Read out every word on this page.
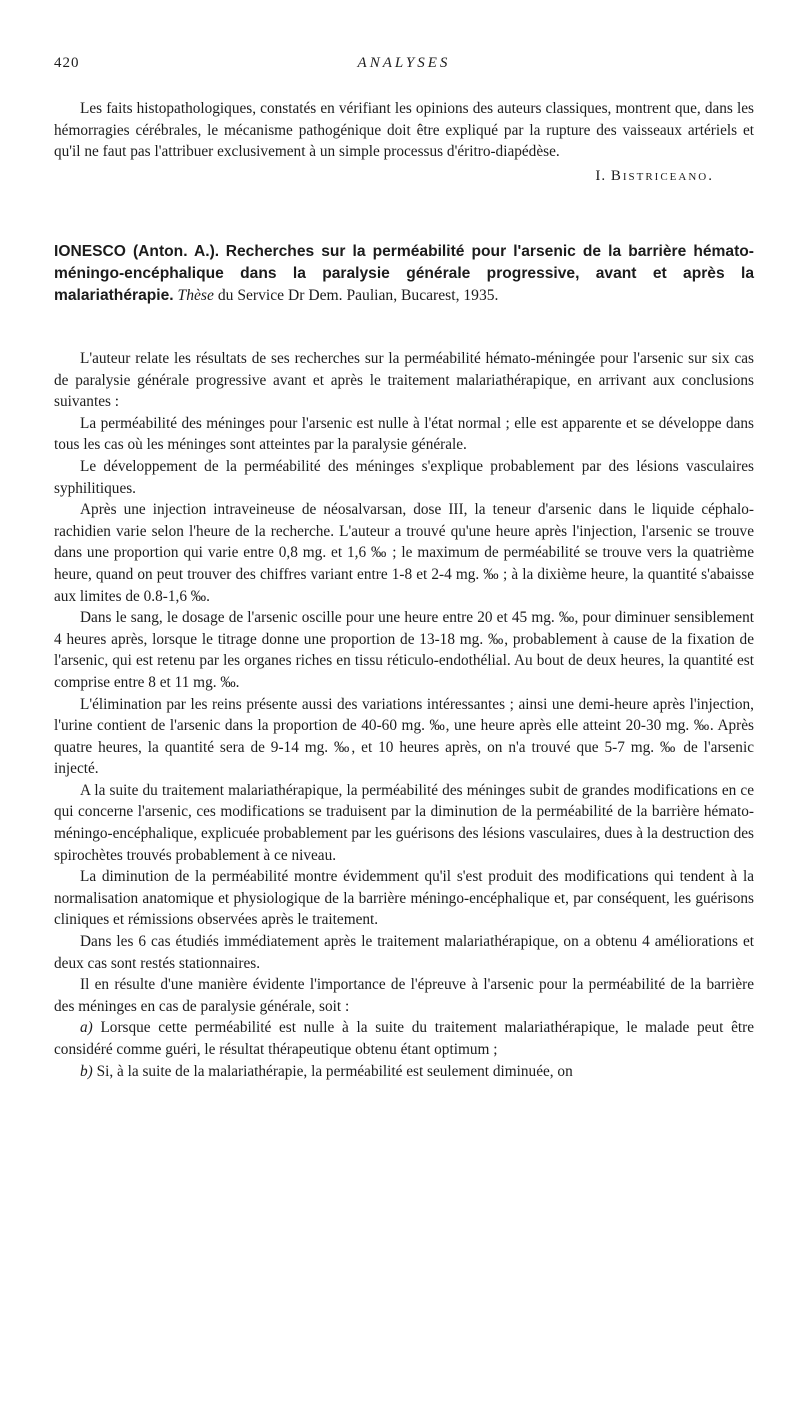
420	ANALYSES

Les faits histopathologiques, constatés en vérifiant les opinions des auteurs classiques, montrent que, dans les hémorragies cérébrales, le mécanisme pathogénique doit être expliqué par la rupture des vaisseaux artériels et qu'il ne faut pas l'attribuer exclusivement à un simple processus d'éritro-diapédèse.

I. Bistriceano.
IONESCO (Anton. A.). Recherches sur la perméabilité pour l'arsenic de la barrière hémato-méningo-encéphalique dans la paralysie générale progressive, avant et après la malariathérapie. Thèse du Service Dr Dem. Paulian, Bucarest, 1935.

L'auteur relate les résultats de ses recherches sur la perméabilité hémato-méningée pour l'arsenic sur six cas de paralysie générale progressive avant et après le traitement malariathérapique, en arrivant aux conclusions suivantes :

La perméabilité des méninges pour l'arsenic est nulle à l'état normal ; elle est apparente et se développe dans tous les cas où les méninges sont atteintes par la paralysie générale.

Le développement de la perméabilité des méninges s'explique probablement par des lésions vasculaires syphilitiques.

Après une injection intraveineuse de néosalvarsan, dose III, la teneur d'arsenic dans le liquide céphalo-rachidien varie selon l'heure de la recherche. L'auteur a trouvé qu'une heure après l'injection, l'arsenic se trouve dans une proportion qui varie entre 0,8 mg. et 1,6 ‰ ; le maximum de perméabilité se trouve vers la quatrième heure, quand on peut trouver des chiffres variant entre 1-8 et 2-4 mg. ‰ ; à la dixième heure, la quantité s'abaisse aux limites de 0.8-1,6 ‰.

Dans le sang, le dosage de l'arsenic oscille pour une heure entre 20 et 45 mg. ‰, pour diminuer sensiblement 4 heures après, lorsque le titrage donne une proportion de 13-18 mg. ‰, probablement à cause de la fixation de l'arsenic, qui est retenu par les organes riches en tissu réticulo-endothélial. Au bout de deux heures, la quantité est comprise entre 8 et 11 mg. ‰.

L'élimination par les reins présente aussi des variations intéressantes ; ainsi une demi-heure après l'injection, l'urine contient de l'arsenic dans la proportion de 40-60 mg. ‰, une heure après elle atteint 20-30 mg. ‰. Après quatre heures, la quantité sera de 9-14 mg. ‰, et 10 heures après, on n'a trouvé que 5-7 mg. ‰ de l'arsenic injecté.

A la suite du traitement malariathérapique, la perméabilité des méninges subit de grandes modifications en ce qui concerne l'arsenic, ces modifications se traduisent par la diminution de la perméabilité de la barrière hémato-méningo-encéphalique, explicuée probablement par les guérisons des lésions vasculaires, dues à la destruction des spirochètes trouvés probablement à ce niveau.

La diminution de la perméabilité montre évidemment qu'il s'est produit des modifications qui tendent à la normalisation anatomique et physiologique de la barrière méningo-encéphalique et, par conséquent, les guérisons cliniques et rémissions observées après le traitement.

Dans les 6 cas étudiés immédiatement après le traitement malariathérapique, on a obtenu 4 améliorations et deux cas sont restés stationnaires.

Il en résulte d'une manière évidente l'importance de l'épreuve à l'arsenic pour la perméabilité de la barrière des méninges en cas de paralysie générale, soit :

a) Lorsque cette perméabilité est nulle à la suite du traitement malariathérapique, le malade peut être considéré comme guéri, le résultat thérapeutique obtenu étant optimum ;

b) Si, à la suite de la malariathérapie, la perméabilité est seulement diminuée, on
